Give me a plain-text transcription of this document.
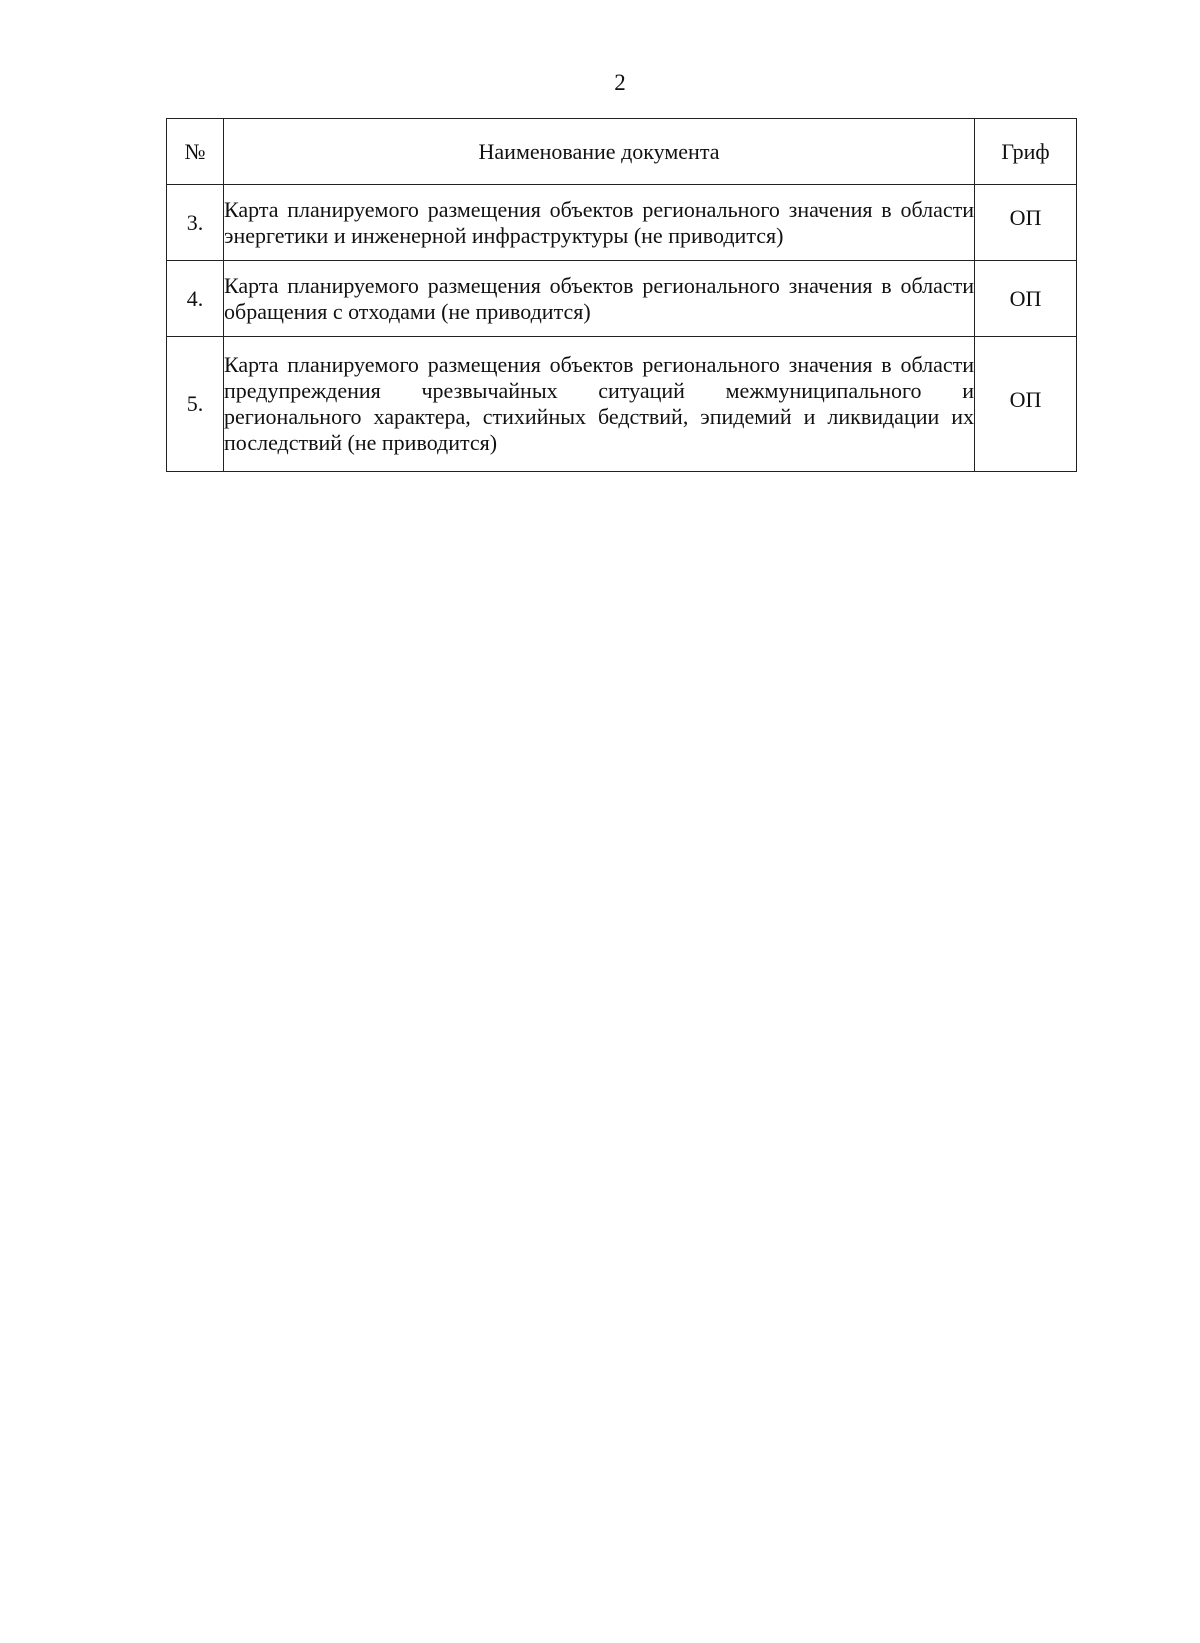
2
№	Наименование документа	Гриф
3.	Карта планируемого размещения объектов регионального значения в области энергетики и инженерной инфраструктуры (не приводится)	ОП
4.	Карта планируемого размещения объектов регионального значения в области обращения с отходами (не приводится)	ОП
5.	Карта планируемого размещения объектов регионального значения в области предупреждения чрезвычайных ситуаций межмуниципального и регионального характера, стихийных бедствий, эпидемий и ликвидации их последствий (не приводится)	ОП
